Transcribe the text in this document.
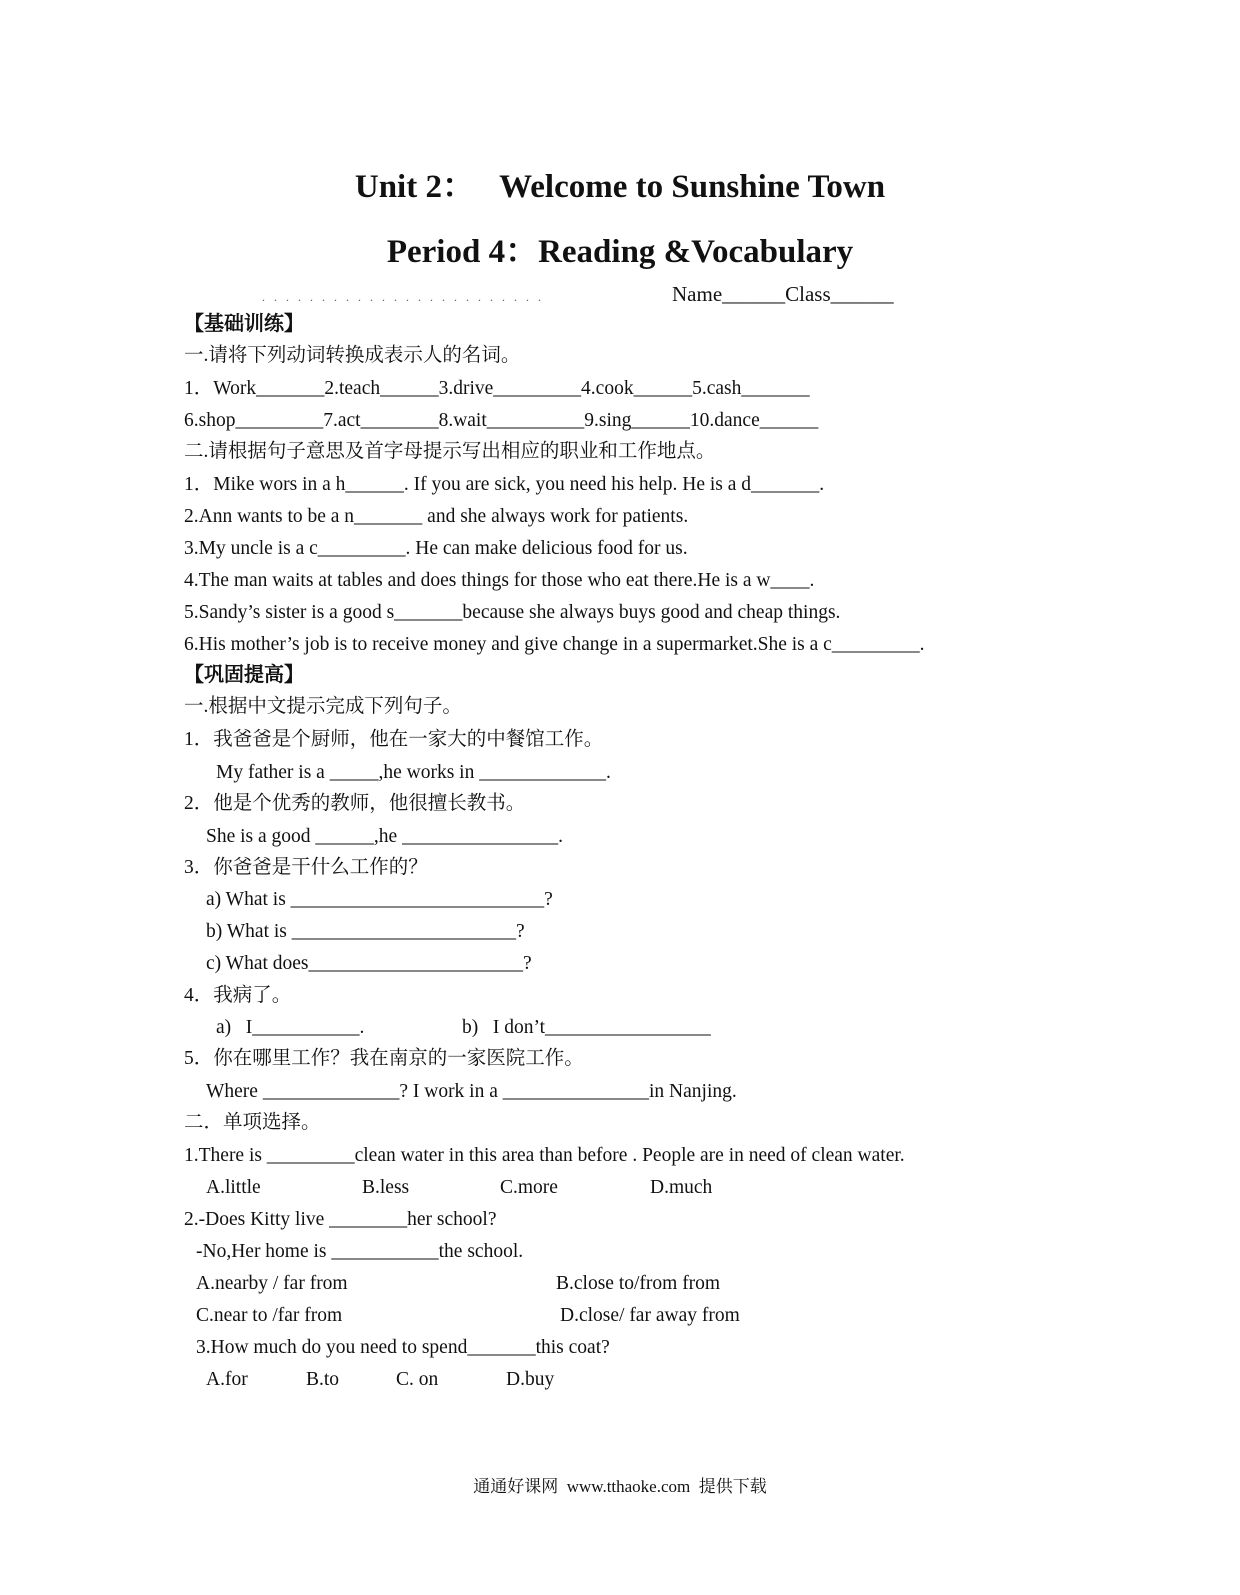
Unit 2：   Welcome to Sunshine Town
Period 4：Reading &Vocabulary
. . . . . . . . . . . . . . . . . . . . . . . .	Name______Class______
【基础训练】
一.请将下列动词转换成表示人的名词。
1．Work_______2.teach______3.drive_________4.cook______5.cash_______
6.shop_________7.act________8.wait__________9.sing______10.dance______
二.请根据句子意思及首字母提示写出相应的职业和工作地点。
1．Mike wors in a h______. If you are sick, you need his help. He is a d_______.
2.Ann wants to be a n_______ and she always work for patients.
3.My uncle is a c_________. He can make delicious food for us.
4.The man waits at tables and does things for those who eat there.He is a w____.
5.Sandy’s sister is a good s_______because she always buys good and cheap things.
6.His mother’s job is to receive money and give change in a supermarket.She is a c_________.
【巩固提高】
一.根据中文提示完成下列句子。
1．我爸爸是个厨师，他在一家大的中餐馆工作。
My father is a _____,he works in _____________.
2．他是个优秀的教师，他很擅长教书。
She is a good ______,he ________________.
3．你爸爸是干什么工作的？
a) What is __________________________?
b) What is _______________________?
c) What does______________________?
4．我病了。
a)   I___________.	b)   I don’t_________________
5．你在哪里工作？我在南京的一家医院工作。
Where ______________? I work in a _______________in Nanjing.
二．单项选择。
1.There is _________clean water in this area than before . People are in need of clean water.
A.little	B.less	C.more	D.much
2.-Does Kitty live ________her school?
-No,Her home is ___________the school.
A.nearby / far from	B.close to/from from
C.near to /far from	D.close/ far away from
3.How much do you need to spend_______this coat?
A.for	B.to	C. on	D.buy
通通好课网  www.tthaoke.com  提供下载
